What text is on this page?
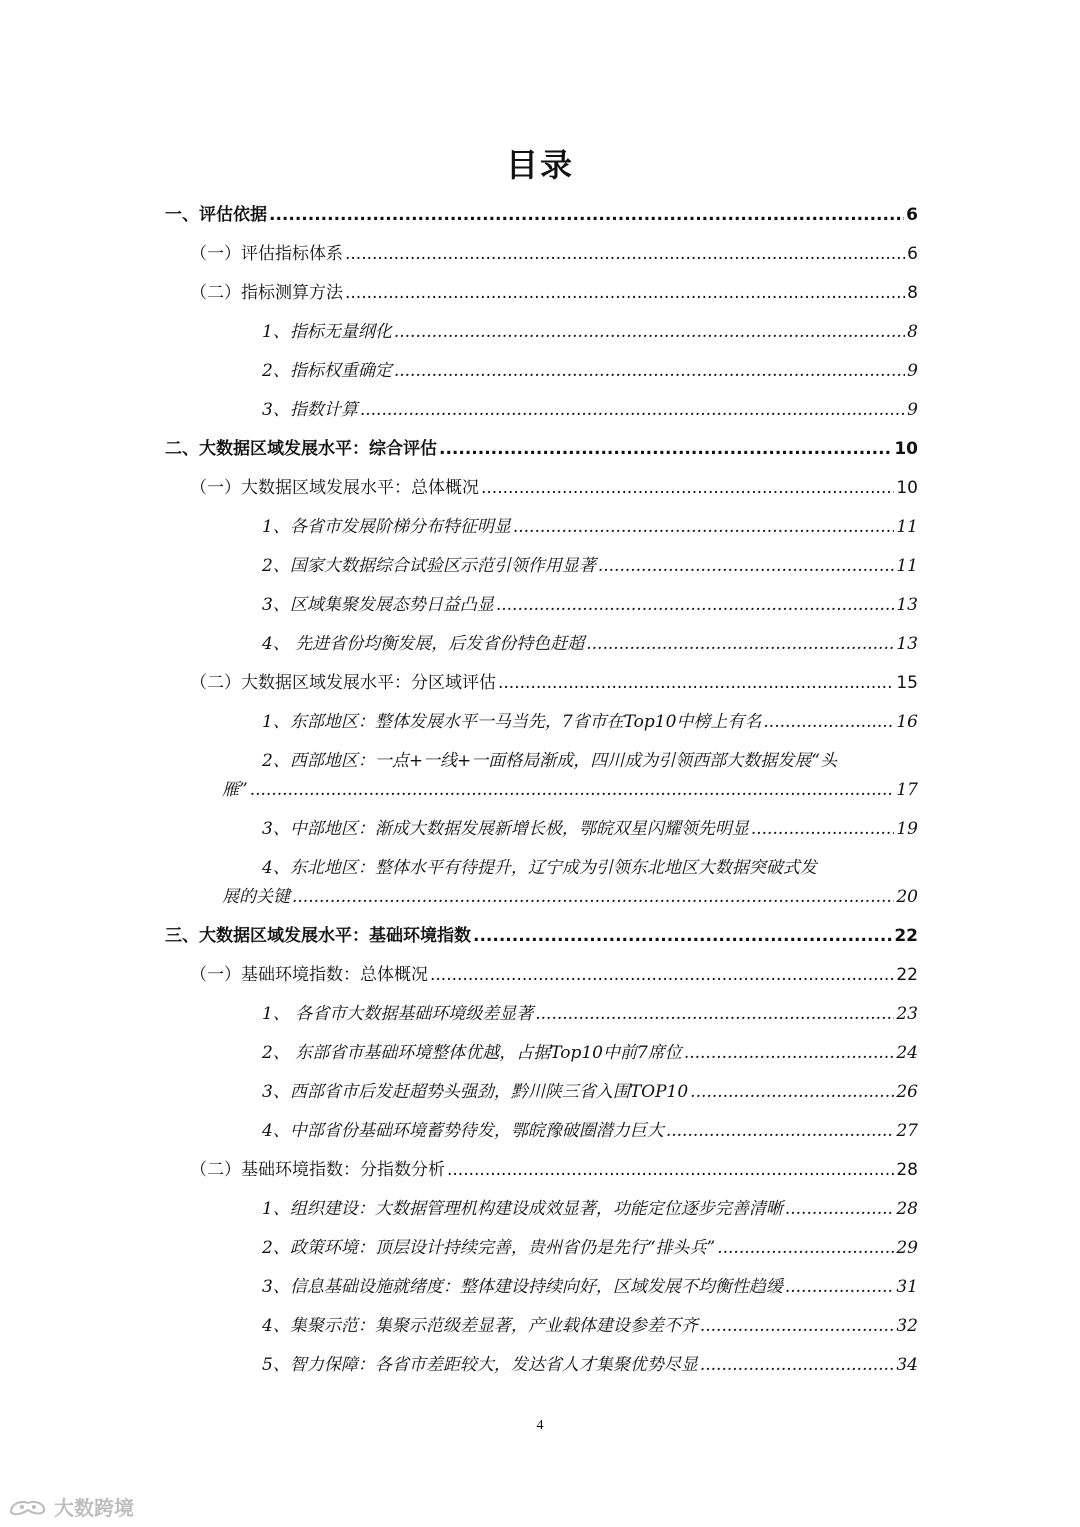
目录
一、评估依据 .....	6
（一）评估指标体系 .....	6
（二）指标测算方法 .....	8
1、指标无量纲化 .....	8
2、指标权重确定 .....	9
3、指数计算 .....	9
二、大数据区域发展水平：综合评估 .....	10
（一）大数据区域发展水平：总体概况 .....	10
1、各省市发展阶梯分布特征明显 .....	11
2、国家大数据综合试验区示范引领作用显著 .....	11
3、区域集聚发展态势日益凸显 .....	13
4、 先进省份均衡发展，后发省份特色赶超 .....	13
（二）大数据区域发展水平：分区域评估 .....	15
1、东部地区：整体发展水平一马当先，7省市在Top10中榜上有名 .....	16
2、西部地区：一点+一线+一面格局渐成，四川成为引领西部大数据发展“头
雁” .....	17
3、中部地区：渐成大数据发展新增长极，鄂皖双星闪耀领先明显 .....	19
4、东北地区：整体水平有待提升，辽宁成为引领东北地区大数据突破式发
展的关键 .....	20
三、大数据区域发展水平：基础环境指数 .....	22
（一）基础环境指数：总体概况 .....	22
1、 各省市大数据基础环境级差显著 .....	23
2、 东部省市基础环境整体优越，占据Top10中前7席位 .....	24
3、西部省市后发赶超势头强劲，黔川陕三省入围TOP10 .....	26
4、中部省份基础环境蓄势待发，鄂皖豫破圈潜力巨大 .....	27
（二）基础环境指数：分指数分析 .....	28
1、组织建设：大数据管理机构建设成效显著，功能定位逐步完善清晰 .....	28
2、政策环境：顶层设计持续完善，贵州省仍是先行“排头兵” .....	29
3、信息基础设施就绪度：整体建设持续向好，区域发展不均衡性趋缓 .....	31
4、集聚示范：集聚示范级差显著，产业载体建设参差不齐 .....	32
5、智力保障：各省市差距较大，发达省人才集聚优势尽显 .....	34
4
大数跨境
